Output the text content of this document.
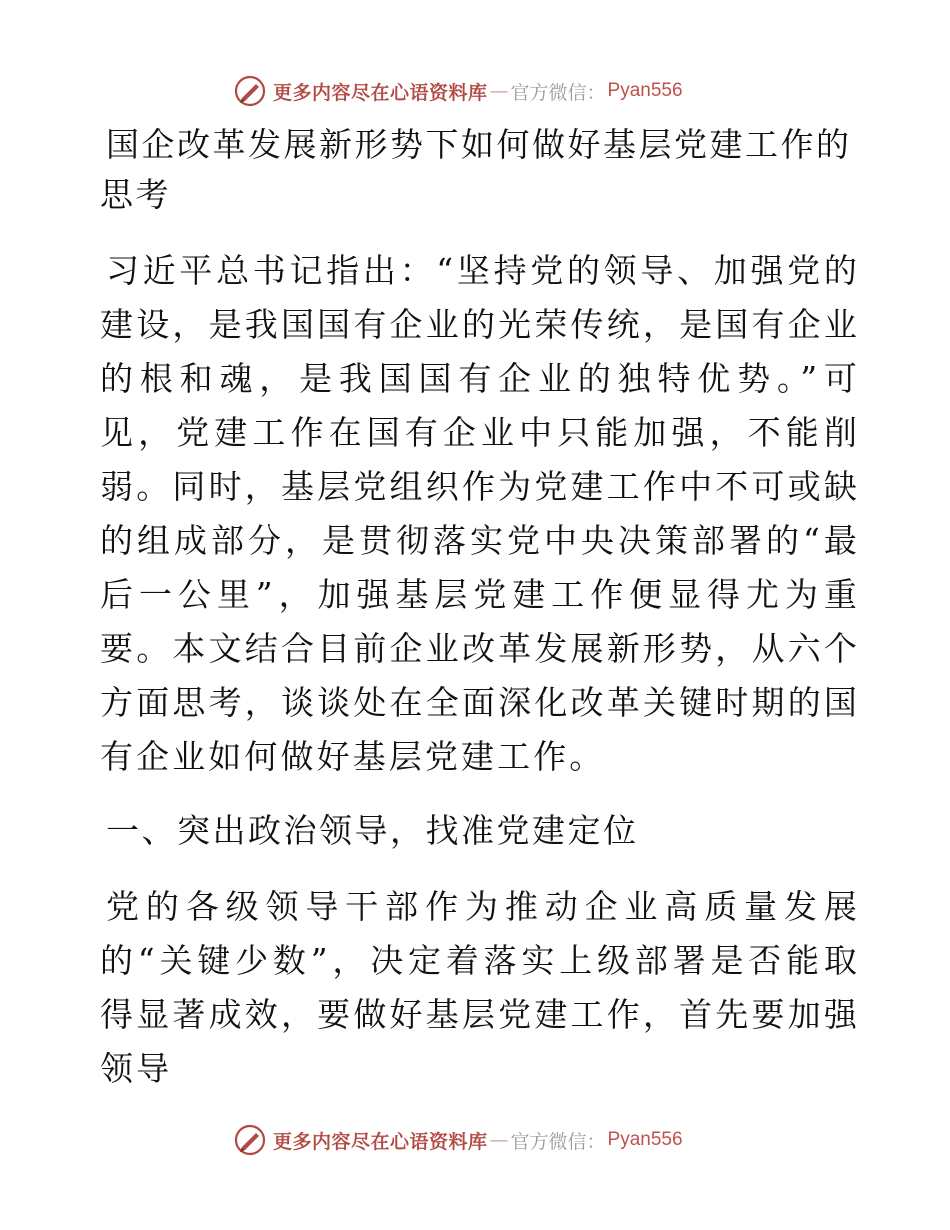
更多内容尽在心语资料库 — 官方微信： Pyan556

国企改革发展新形势下如何做好基层党建工作的思考

习近平总书记指出：“坚持党的领导、加强党的建设，是我国国有企业的光荣传统，是国有企业的根和魂，是我国国有企业的独特优势。”可见，党建工作在国有企业中只能加强，不能削弱。同时，基层党组织作为党建工作中不可或缺的组成部分，是贯彻落实党中央决策部署的“最后一公里”，加强基层党建工作便显得尤为重要。本文结合目前企业改革发展新形势，从六个方面思考，谈谈处在全面深化改革关键时期的国有企业如何做好基层党建工作。

一、突出政治领导，找准党建定位

党的各级领导干部作为推动企业高质量发展的“关键少数”，决定着落实上级部署是否能取得显著成效，要做好基层党建工作，首先要加强领导

更多内容尽在心语资料库 — 官方微信： Pyan556
